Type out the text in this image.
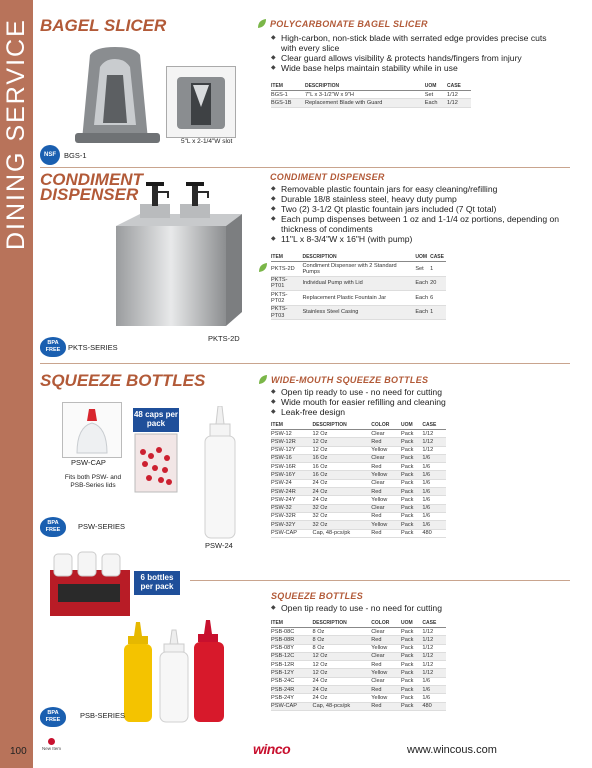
DINING SERVICE BAGEL SLICER	POLYCARBONATE BAGEL SLICER
◆ High-carbon, non-stick blade with serrated edge provides precise cuts with every slice
◆ Clear guard allows visibility & protects hands/fingers from injury
◆ Wide base helps maintain stability while in use
ITEM	DESCRIPTION	UOM	CASE
BGS-1	7"L x 3-1/2"W x 9"H	Set	1/12
BGS-1B	Replacement Blade with Guard	Each	1/12
5"L x 2-1/4"W slot
NSF	BGS-1
CONDIMENT
DISPENSER
CONDIMENT DISPENSER
◆ Removable plastic fountain jars for easy cleaning/refilling
◆ Durable 18/8 stainless steel, heavy duty pump
◆ Two (2) 3-1/2 Qt plastic fountain jars included (7 Qt total)
◆ Each pump dispenses between 1 oz and 1-1/4 oz portions, depending on thickness of condiments
◆ 11"L x 8-3/4"W x 16"H (with pump)
ITEM	DESCRIPTION	UOM	CASE
PKTS-2D	Condiment Dispenser with 2 Standard Pumps	Set	1
PKTS-PT01	Individual Pump with Lid	Each	20
PKTS-PT02	Replacement Plastic Fountain Jar	Each	6
PKTS-PT03	Stainless Steel Casing	Each	1
PKTS-2D
BPA FREE	PKTS-SERIES
SQUEEZE BOTTLES	WIDE-MOUTH SQUEEZE BOTTLES
◆ Open tip ready to use - no need for cutting
◆ Wide mouth for easier refilling and cleaning
◆ Leak-free design
ITEM	DESCRIPTION	COLOR	UOM	CASE
PSW-12	12 Oz	Clear	Pack	1/12
PSW-12R	12 Oz	Red	Pack	1/12
PSW-12Y	12 Oz	Yellow	Pack	1/12
PSW-16	16 Oz	Clear	Pack	1/6
PSW-16R	16 Oz	Red	Pack	1/6
PSW-16Y	16 Oz	Yellow	Pack	1/6
PSW-24	24 Oz	Clear	Pack	1/6
PSW-24R	24 Oz	Red	Pack	1/6
PSW-24Y	24 Oz	Yellow	Pack	1/6
PSW-32	32 Oz	Clear	Pack	1/6
PSW-32R	32 Oz	Red	Pack	1/6
PSW-32Y	32 Oz	Yellow	Pack	1/6
PSW-CAP	Cap, 48-pcs/pk	Red	Pack	480
PSW-CAP
Fits both PSW- and PSB-Series lids
48 caps per pack
PSW-24
BPA FREE	PSW-SERIES
6 bottles per pack
SQUEEZE BOTTLES
◆ Open tip ready to use - no need for cutting
ITEM	DESCRIPTION	COLOR	UOM	CASE
PSB-08C	8 Oz	Clear	Pack	1/12
PSB-08R	8 Oz	Red	Pack	1/12
PSB-08Y	8 Oz	Yellow	Pack	1/12
PSB-12C	12 Oz	Clear	Pack	1/12
PSB-12R	12 Oz	Red	Pack	1/12
PSB-12Y	12 Oz	Yellow	Pack	1/12
PSB-24C	24 Oz	Clear	Pack	1/6
PSB-24R	24 Oz	Red	Pack	1/6
PSB-24Y	24 Oz	Yellow	Pack	1/6
PSW-CAP	Cap, 48-pcs/pk	Red	Pack	480
BPA FREE	PSB-SERIES
100	New Item	winco	www.wincous.com
